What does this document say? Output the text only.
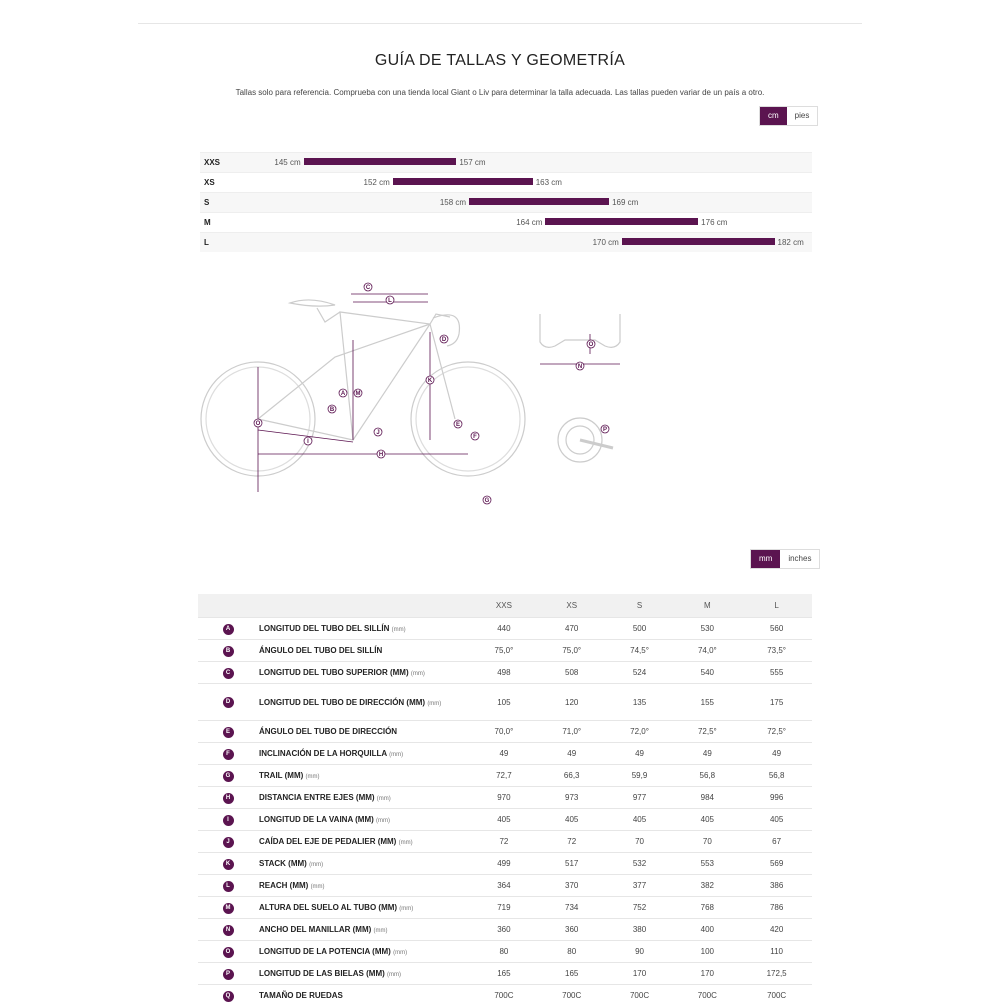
GUÍA DE TALLAS Y GEOMETRÍA
Tallas solo para referencia. Comprueba con una tienda local Giant o Liv para determinar la talla adecuada. Las tallas pueden variar de un país a otro.
cm	pies
XXS	145 cm	157 cm
XS	152 cm	163 cm
S	158 cm	169 cm
M	164 cm	176 cm
L	170 cm	182 cm
C
L
A M
B
O
I
H
J
K
D
E
F
G
N
O
P
mm	inches
		XXS	XS	S	M	L
A	LONGITUD DEL TUBO DEL SILLÍN (mm)	440	470	500	530	560
B	ÁNGULO DEL TUBO DEL SILLÍN	75,0°	75,0°	74,5°	74,0°	73,5°
C	LONGITUD DEL TUBO SUPERIOR (MM) (mm)	498	508	524	540	555
D	LONGITUD DEL TUBO DE DIRECCIÓN (MM) (mm)	105	120	135	155	175
E	ÁNGULO DEL TUBO DE DIRECCIÓN	70,0°	71,0°	72,0°	72,5°	72,5°
F	INCLINACIÓN DE LA HORQUILLA (mm)	49	49	49	49	49
G	TRAIL (MM) (mm)	72,7	66,3	59,9	56,8	56,8
H	DISTANCIA ENTRE EJES (MM) (mm)	970	973	977	984	996
I	LONGITUD DE LA VAINA (MM) (mm)	405	405	405	405	405
J	CAÍDA DEL EJE DE PEDALIER (MM) (mm)	72	72	70	70	67
K	STACK (MM) (mm)	499	517	532	553	569
L	REACH (MM) (mm)	364	370	377	382	386
M	ALTURA DEL SUELO AL TUBO (MM) (mm)	719	734	752	768	786
N	ANCHO DEL MANILLAR (MM) (mm)	360	360	380	400	420
O	LONGITUD DE LA POTENCIA (MM) (mm)	80	80	90	100	110
P	LONGITUD DE LAS BIELAS (MM) (mm)	165	165	170	170	172,5
Q	TAMAÑO DE RUEDAS	700C	700C	700C	700C	700C
